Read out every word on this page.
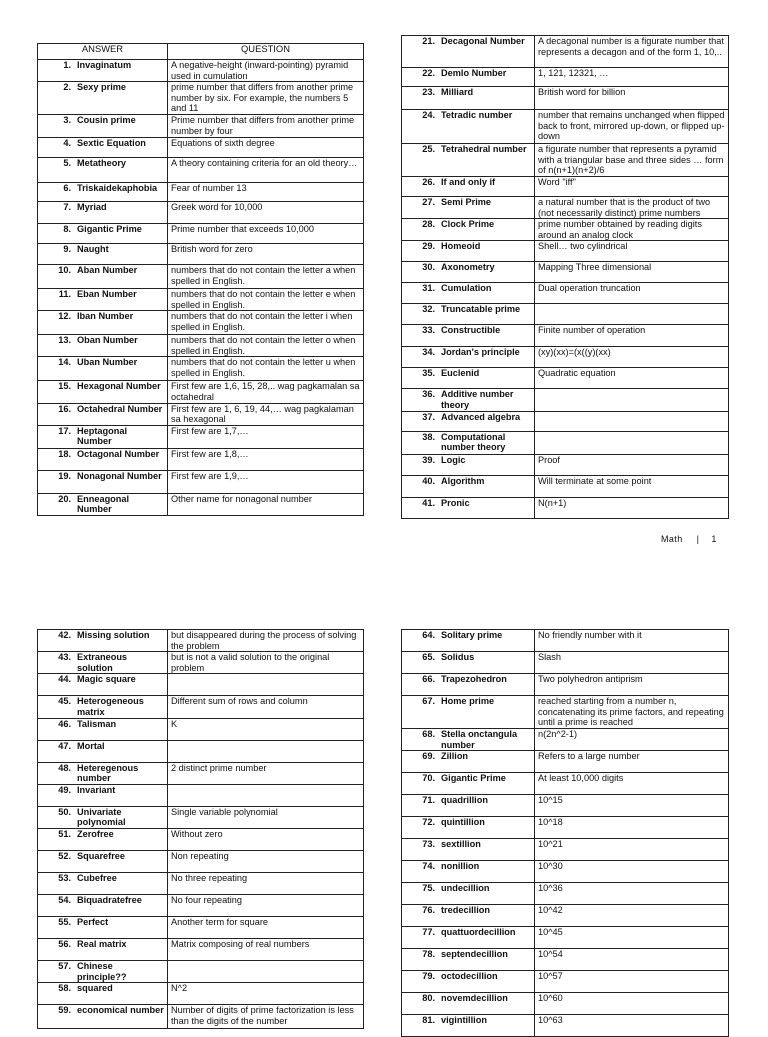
ANSWER	QUESTION

1. Invaginatum	A negative-height (inward-pointing) pyramid used in cumulation

2. Sexy prime	prime number that differs from another prime number by six. For example, the numbers 5 and 11

3. Cousin prime	Prime number that differs from another prime number by four

4. Sextic Equation	Equations of sixth degree

5. Metatheory	A theory containing criteria for an old theory…

6. Triskaidekaphobia	Fear of number 13

7. Myriad	Greek word for 10,000

8. Gigantic Prime	Prime number that exceeds 10,000

9. Naught	British word for zero

10. Aban Number	numbers that do not contain the letter a when spelled in English.

11. Eban Number	numbers that do not contain the letter e when spelled in English.

12. Iban Number	numbers that do not contain the letter i when spelled in English.

13. Oban Number	numbers that do not contain the letter o when spelled in English.

14. Uban Number	numbers that do not contain the letter u when spelled in English.

15. Hexagonal Number	First few are 1,6, 15, 28,.. wag pagkamalan sa octahedral

16. Octahedral Number	First few are 1, 6, 19, 44,… wag pagkalaman sa hexagonal

17. Heptagonal Number	First few are 1,7,…

18. Octagonal Number	First few are 1,8,…

19. Nonagonal Number	First few are 1,9,…

20. Enneagonal Number	Other name for nonagonal number
21. Decagonal Number	A decagonal number is a figurate number that represents a decagon and of the form 1, 10,..

22. Demlo Number	1, 121, 12321, …

23. Milliard	British word for billion

24. Tetradic number	number that remains unchanged when flipped back to front, mirrored up-down, or flipped up-down

25. Tetrahedral number	a figurate number that represents a pyramid with a triangular base and three sides … form of n(n+1)(n+2)/6

26. If and only if	Word "iff"

27. Semi Prime	a natural number that is the product of two (not necessarily distinct) prime numbers

28. Clock Prime	prime number obtained by reading digits around an analog clock

29. Homeoid	Shell… two cylindrical

30. Axonometry	Mapping Three dimensional

31. Cumulation	Dual operation truncation

32. Truncatable prime	

33. Constructible	Finite number of operation

34. Jordan's principle	(xy)(xx)=(x((y)(xx)

35. Euclenid	Quadratic equation

36. Additive number theory	

37. Advanced algebra	

38. Computational number theory	

39. Logic	Proof

40. Algorithm	Will terminate at some point

41. Pronic	N(n+1)
Math | 1
42. Missing solution	but disappeared during the process of solving the problem

43. Extraneous solution	but is not a valid solution to the original problem

44. Magic square	

45. Heterogeneous matrix	Different sum of rows and column

46. Talisman	K

47. Mortal	

48. Heteregenous number	2 distinct prime number

49. Invariant	

50. Univariate polynomial	Single variable polynomial

51. Zerofree	Without zero

52. Squarefree	Non repeating

53. Cubefree	No three repeating

54. Biquadratefree	No four repeating

55. Perfect	Another term for square

56. Real matrix	Matrix composing of real numbers

57. Chinese principle??	

58. squared	N^2

59. economical number	Number of digits of prime factorization is less than the digits of the number
64. Solitary prime	No friendly number with it

65. Solidus	Slash

66. Trapezohedron	Two polyhedron antiprism

67. Home prime	reached starting from a number n, concatenating its prime factors, and repeating until a prime is reached

68. Stella onctangula number	n(2n^2-1)

69. Zillion	Refers to a large number

70. Gigantic Prime	At least 10,000 digits

71. quadrillion	10^15

72. quintillion	10^18

73. sextillion	10^21

74. nonillion	10^30

75. undecillion	10^36

76. tredecillion	10^42

77. quattuordecillion	10^45

78. septendecillion	10^54

79. octodecillion	10^57

80. novemdecillion	10^60

81. vigintillion	10^63
